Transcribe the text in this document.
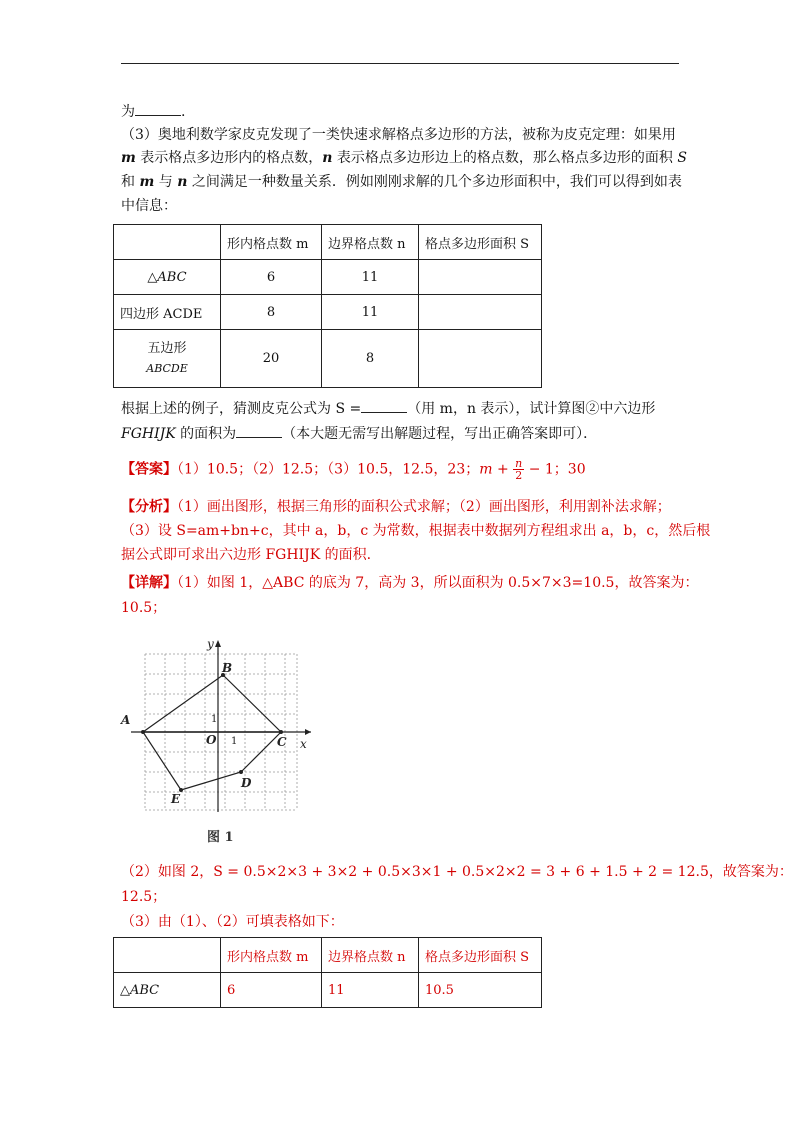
为	.
（3）奥地利数学家皮克发现了一类快速求解格点多边形的方法，被称为皮克定理：如果用
m 表示格点多边形内的格点数，n 表示格点多边形边上的格点数，那么格点多边形的面积 S
和 m 与 n 之间满足一种数量关系．例如刚刚求解的几个多边形面积中，我们可以得到如表
中信息：
	形内格点数 m	边界格点数 n	格点多边形面积 S
△ABC	6	11	
四边形 ACDE	8	11	

五边形
ABCDE	20	8	
根据上述的例子，猜测皮克公式为 S =	（用 m，n 表示），试计算图②中六边形
FGHIJK 的面积为	（本大题无需写出解题过程，写出正确答案即可）．
【答案】（1）10.5；（2）12.5；（3）10.5，12.5，23；$m + \frac{n}{2} - 1$；30
【分析】（1）画出图形，根据三角形的面积公式求解；（2）画出图形，利用割补法求解；
（3）设 S=am+bn+c，其中 a，b，c 为常数，根据表中数据列方程组求出 a，b，c，然后根
据公式即可求出六边形 FGHIJK 的面积.
【详解】（1）如图 1，△ABC 的底为 7，高为 3，所以面积为 0.5×7×3=10.5，故答案为：
10.5；
A
B
C
D
E
O	x
y
1
1
图 1
（2）如图 2，S = 0.5×2×3 + 3×2 + 0.5×3×1 + 0.5×2×2 = 3 + 6 + 1.5 + 2 = 12.5，故答案为：
12.5；
（3）由（1）、（2）可填表格如下：
	形内格点数 m	边界格点数 n	格点多边形面积 S
△ABC	6	11	10.5
